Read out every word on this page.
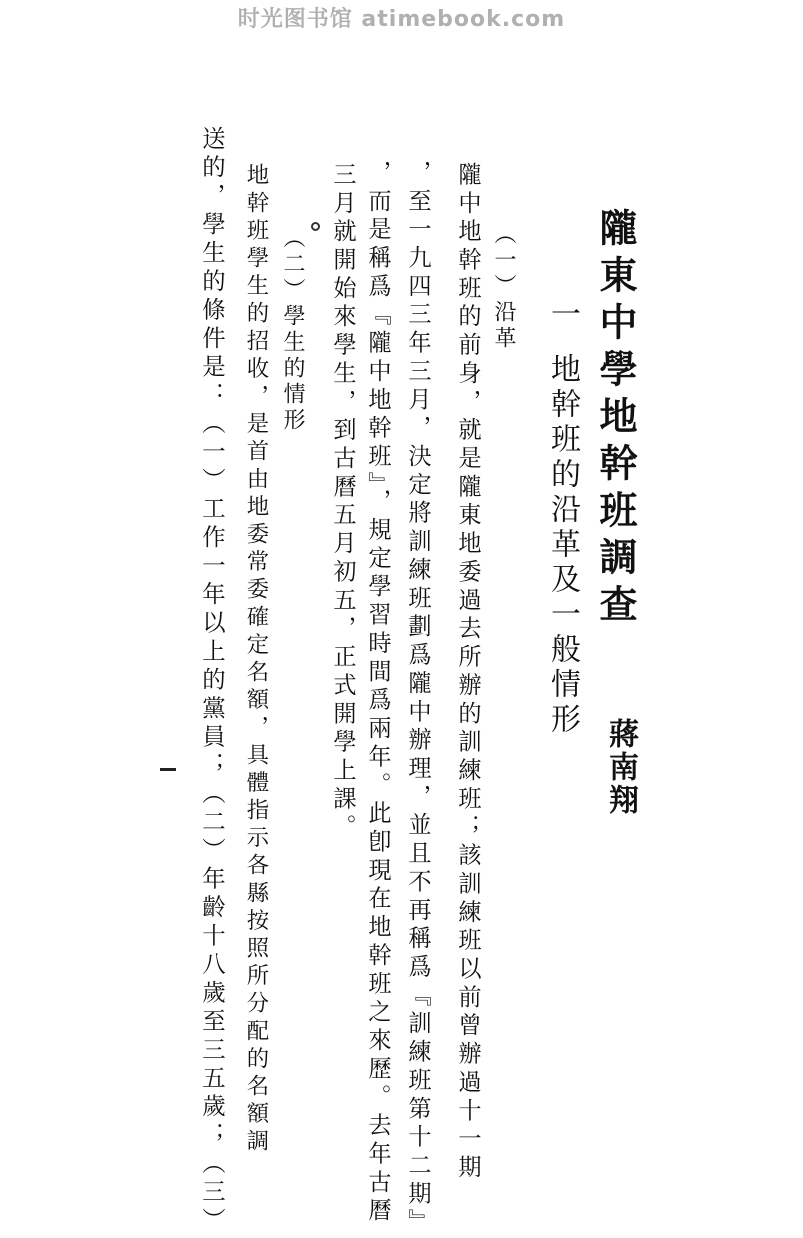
时光图书馆 atimebook.com
隴東中學地幹班調查
蔣南翔
一地幹班的沿革及一般情形
（一）沿革
隴中地幹班的前身，就是隴東地委過去所辦的訓練班；該訓練班以前曾辦過十一期
，至一九四三年三月，決定將訓練班劃爲隴中辦理，並且不再稱爲『訓練班第十二期』
，而是稱爲『隴中地幹班』，規定學習時間爲兩年。此卽現在地幹班之來歷。去年古曆
三月就開始來學生，到古曆五月初五，正式開學上課。
（二）學生的情形
地幹班學生的招收，是首由地委常委確定名額，具體指示各縣按照所分配的名額調
送的，學生的條件是：（一）工作一年以上的黨員；（二）年齡十八歲至三五歲；（三）
